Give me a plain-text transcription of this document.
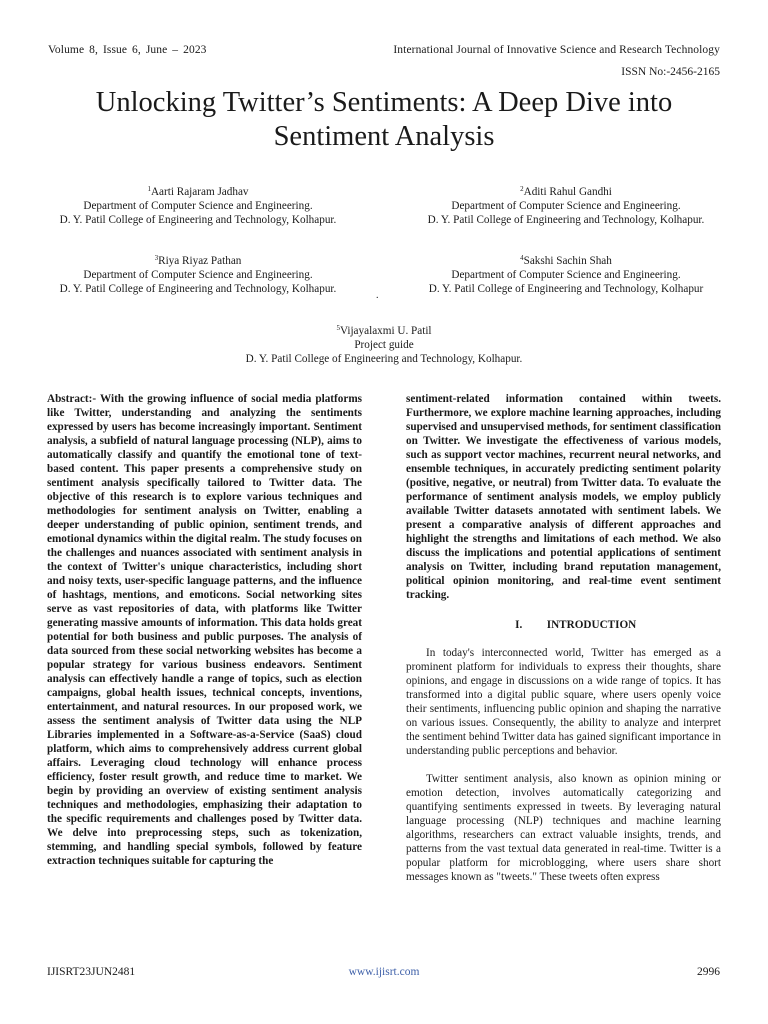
Volume 8, Issue 6, June – 2023	International Journal of Innovative Science and Research Technology
ISSN No:-2456-2165
Unlocking Twitter’s Sentiments: A Deep Dive into Sentiment Analysis
$^1$Aarti Rajaram Jadhav
Department of Computer Science and Engineering.
D. Y. Patil College of Engineering and Technology, Kolhapur.
$^2$Aditi Rahul Gandhi
Department of Computer Science and Engineering.
D. Y. Patil College of Engineering and Technology, Kolhapur.
$^3$Riya Riyaz Pathan
Department of Computer Science and Engineering.
D. Y. Patil College of Engineering and Technology, Kolhapur.
$^4$Sakshi Sachin Shah
Department of Computer Science and Engineering.
D. Y. Patil College of Engineering and Technology, Kolhapur
.
$^5$Vijayalaxmi U. Patil
Project guide
D. Y. Patil College of Engineering and Technology, Kolhapur.

Abstract:- With the growing influence of social media platforms like Twitter, understanding and analyzing the sentiments expressed by users has become increasingly important. Sentiment analysis, a subfield of natural language processing (NLP), aims to automatically classify and quantify the emotional tone of text-based content. This paper presents a comprehensive study on sentiment analysis specifically tailored to Twitter data. The objective of this research is to explore various techniques and methodologies for sentiment analysis on Twitter, enabling a deeper understanding of public opinion, sentiment trends, and emotional dynamics within the digital realm. The study focuses on the challenges and nuances associated with sentiment analysis in the context of Twitter's unique characteristics, including short and noisy texts, user-specific language patterns, and the influence of hashtags, mentions, and emoticons. Social networking sites serve as vast repositories of data, with platforms like Twitter generating massive amounts of information. This data holds great potential for both business and public purposes. The analysis of data sourced from these social networking websites has become a popular strategy for various business endeavors. Sentiment analysis can effectively handle a range of topics, such as election campaigns, global health issues, technical concepts, inventions, entertainment, and natural resources. In our proposed work, we assess the sentiment analysis of Twitter data using the NLP Libraries implemented in a Software-as-a-Service (SaaS) cloud platform, which aims to comprehensively address current global affairs. Leveraging cloud technology will enhance process efficiency, foster result growth, and reduce time to market. We begin by providing an overview of existing sentiment analysis techniques and methodologies, emphasizing their adaptation to the specific requirements and challenges posed by Twitter data. We delve into preprocessing steps, such as tokenization, stemming, and handling special symbols, followed by feature extraction techniques suitable for capturing the

sentiment-related information contained within tweets. Furthermore, we explore machine learning approaches, including supervised and unsupervised methods, for sentiment classification on Twitter. We investigate the effectiveness of various models, such as support vector machines, recurrent neural networks, and ensemble techniques, in accurately predicting sentiment polarity (positive, negative, or neutral) from Twitter data. To evaluate the performance of sentiment analysis models, we employ publicly available Twitter datasets annotated with sentiment labels. We present a comparative analysis of different approaches and highlight the strengths and limitations of each method. We also discuss the implications and potential applications of sentiment analysis on Twitter, including brand reputation management, political opinion monitoring, and real-time event sentiment tracking.

I. INTRODUCTION

In today's interconnected world, Twitter has emerged as a prominent platform for individuals to express their thoughts, share opinions, and engage in discussions on a wide range of topics. It has transformed into a digital public square, where users openly voice their sentiments, influencing public opinion and shaping the narrative on various issues. Consequently, the ability to analyze and interpret the sentiment behind Twitter data has gained significant importance in understanding public perceptions and behavior.

Twitter sentiment analysis, also known as opinion mining or emotion detection, involves automatically categorizing and quantifying sentiments expressed in tweets. By leveraging natural language processing (NLP) techniques and machine learning algorithms, researchers can extract valuable insights, trends, and patterns from the vast textual data generated in real-time. Twitter is a popular platform for microblogging, where users share short messages known as "tweets." These tweets often express

IJISRT23JUN2481	www.ijisrt.com	2996
